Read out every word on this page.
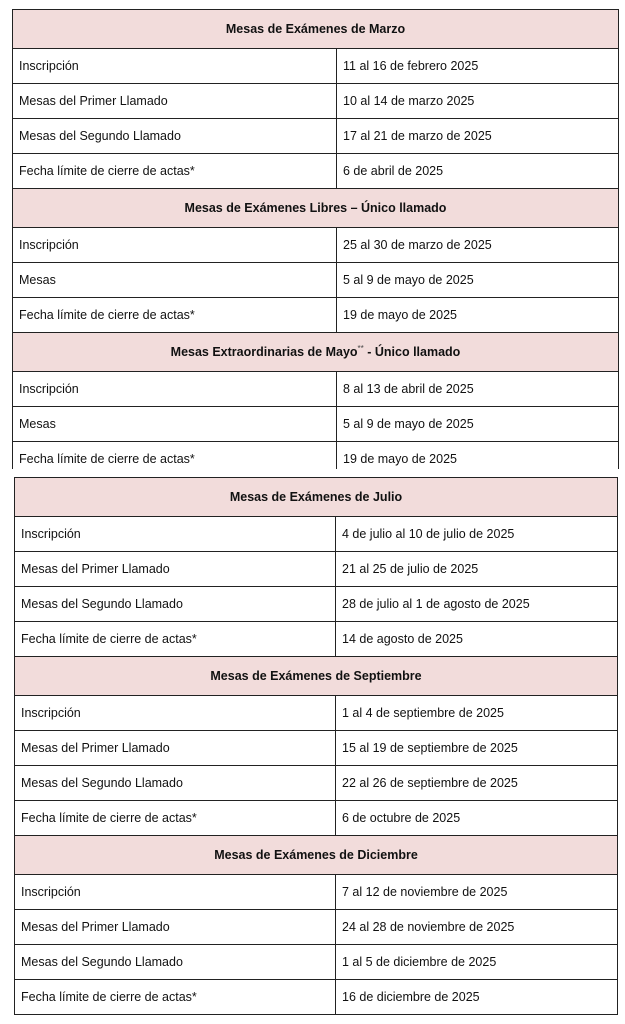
Mesas de Exámenes de Marzo	
Inscripción	11 al 16 de febrero 2025
Mesas del Primer Llamado	10 al 14 de marzo 2025
Mesas del Segundo Llamado	17 al 21 de marzo de 2025
Fecha límite de cierre de actas*	6 de abril de 2025
Mesas de Exámenes Libres – Único llamado	
Inscripción	25 al 30 de marzo de 2025
Mesas	5 al 9 de mayo de 2025
Fecha límite de cierre de actas*	19 de mayo de 2025
Mesas Extraordinarias de Mayo** - Único llamado	
Inscripción	8 al 13 de abril de 2025
Mesas	5 al 9 de mayo de 2025
Fecha límite de cierre de actas*	19 de mayo de 2025
Mesas de Exámenes de Julio	
Inscripción	4 de julio al 10 de julio de 2025
Mesas del Primer Llamado	21 al 25 de julio de 2025
Mesas del Segundo Llamado	28 de julio al 1 de agosto de 2025
Fecha límite de cierre de actas*	14 de agosto de 2025
Mesas de Exámenes de Septiembre	
Inscripción	1 al 4 de septiembre de 2025
Mesas del Primer Llamado	15 al 19 de septiembre de 2025
Mesas del Segundo Llamado	22 al 26 de septiembre de 2025
Fecha límite de cierre de actas*	6 de octubre de 2025
Mesas de Exámenes de Diciembre	
Inscripción	7 al 12 de noviembre de 2025
Mesas del Primer Llamado	24 al 28 de noviembre de 2025
Mesas del Segundo Llamado	1 al 5 de diciembre de 2025
Fecha límite de cierre de actas*	16 de diciembre de 2025
